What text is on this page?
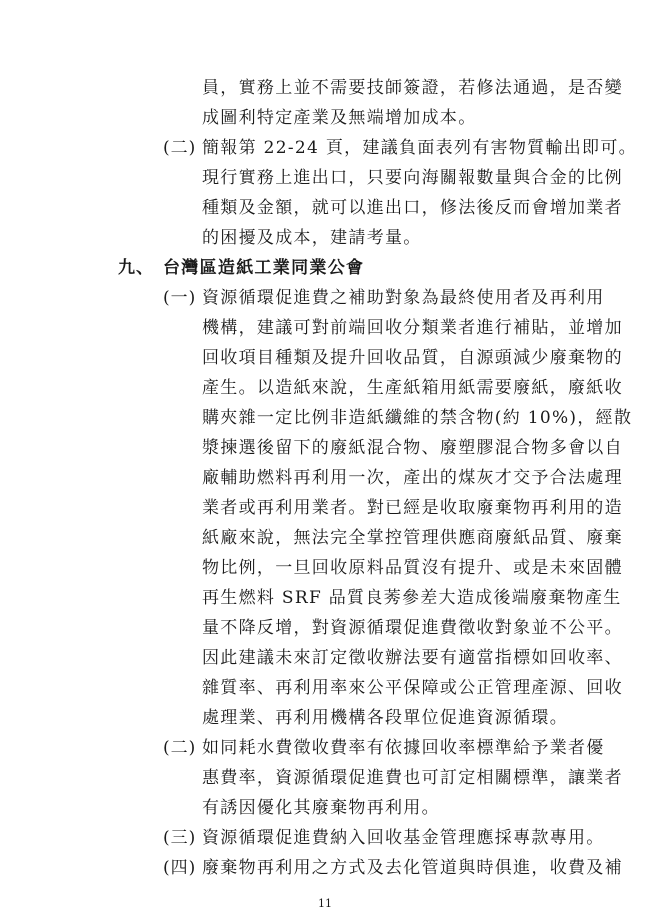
員，實務上並不需要技師簽證，若修法通過，是否變
成圖利特定產業及無端增加成本。
(二) 簡報第 22-24 頁，建議負面表列有害物質輸出即可。
現行實務上進出口，只要向海關報數量與合金的比例
種類及金額，就可以進出口，修法後反而會增加業者
的困擾及成本，建請考量。
九、 台灣區造紙工業同業公會
(一) 資源循環促進費之補助對象為最終使用者及再利用
機構，建議可對前端回收分類業者進行補貼，並增加
回收項目種類及提升回收品質，自源頭減少廢棄物的
產生。以造紙來說，生產紙箱用紙需要廢紙，廢紙收
購夾雜一定比例非造紙纖維的禁含物(約 10%)，經散
漿揀選後留下的廢紙混合物、廢塑膠混合物多會以自
廠輔助燃料再利用一次，產出的煤灰才交予合法處理
業者或再利用業者。對已經是收取廢棄物再利用的造
紙廠來說，無法完全掌控管理供應商廢紙品質、廢棄
物比例，一旦回收原料品質沒有提升、或是未來固體
再生燃料 SRF 品質良莠參差大造成後端廢棄物產生
量不降反增，對資源循環促進費徵收對象並不公平。
因此建議未來訂定徵收辦法要有適當指標如回收率、
雜質率、再利用率來公平保障或公正管理產源、回收
處理業、再利用機構各段單位促進資源循環。
(二) 如同耗水費徵收費率有依據回收率標準給予業者優
惠費率，資源循環促進費也可訂定相關標準，讓業者
有誘因優化其廢棄物再利用。
(三) 資源循環促進費納入回收基金管理應採專款專用。
(四) 廢棄物再利用之方式及去化管道與時俱進，收費及補
11
